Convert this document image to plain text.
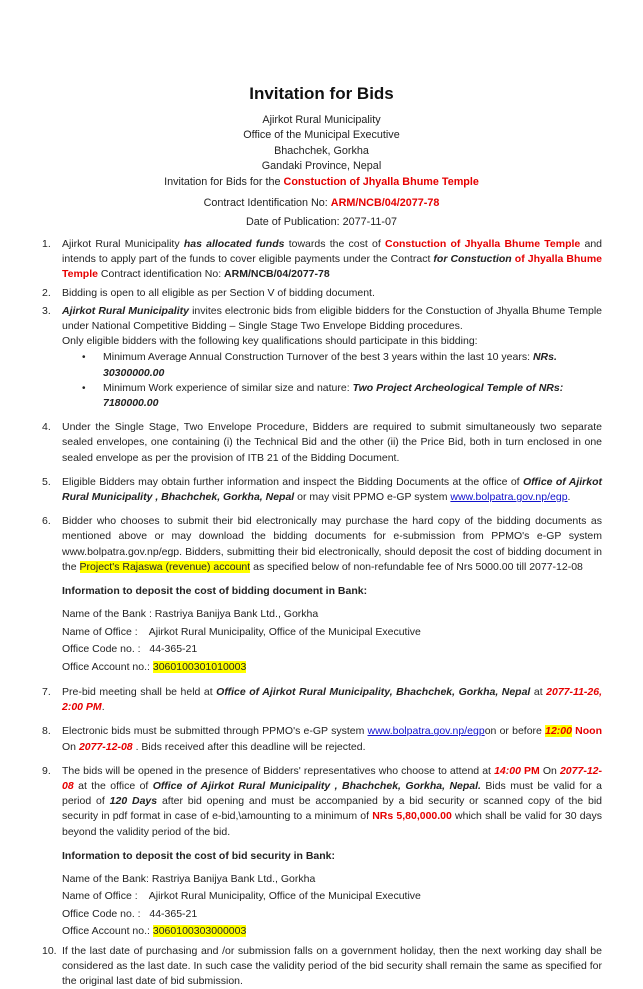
Invitation for Bids
Ajirkot Rural Municipality
Office of the Municipal Executive
Bhachchek, Gorkha
Gandaki Province, Nepal
Invitation for Bids for the Constuction of Jhyalla Bhume Temple
Contract Identification No: ARM/NCB/04/2077-78
Date of Publication: 2077-11-07
1.	Ajirkot Rural Municipality has allocated funds towards the cost of Constuction of Jhyalla Bhume Temple and intends to apply part of the funds to cover eligible payments under the Contract for Constuction of Jhyalla Bhume Temple Contract identification No: ARM/NCB/04/2077-78
2.	Bidding is open to all eligible as per Section V of bidding document.
3.	Ajirkot Rural Municipality invites electronic bids from eligible bidders for the Constuction of Jhyalla Bhume Temple under National Competitive Bidding – Single Stage Two Envelope Bidding procedures.
Only eligible bidders with the following key qualifications should participate in this bidding:
•	Minimum Average Annual Construction Turnover of the best 3 years within the last 10 years: NRs. 30300000.00
•	Minimum Work experience of similar size and nature: Two Project Archeological Temple of NRs: 7180000.00
4.	Under the Single Stage, Two Envelope Procedure, Bidders are required to submit simultaneously two separate sealed envelopes, one containing (i) the Technical Bid and the other (ii) the Price Bid, both in turn enclosed in one sealed envelope as per the provision of ITB 21 of the Bidding Document.
5.	Eligible Bidders may obtain further information and inspect the Bidding Documents at the office of Office of Ajirkot Rural Municipality , Bhachchek, Gorkha, Nepal or may visit PPMO e-GP system www.bolpatra.gov.np/egp.
6.	Bidder who chooses to submit their bid electronically may purchase the hard copy of the bidding documents as mentioned above or may download the bidding documents for e-submission from PPMO's e-GP system www.bolpatra.gov.np/egp. Bidders, submitting their bid electronically, should deposit the cost of bidding document in the Project's Rajaswa (revenue) account as specified below of non-refundable fee of Nrs 5000.00 till 2077-12-08
Information to deposit the cost of bidding document in Bank:
Name of the Bank : Rastriya Banijya Bank Ltd., Gorkha
Name of Office :    Ajirkot Rural Municipality, Office of the Municipal Executive
Office Code no. :   44-365-21
Office Account no.: 3060100301010003
7.	Pre-bid meeting shall be held at Office of Ajirkot Rural Municipality, Bhachchek, Gorkha, Nepal at 2077-11-26, 2:00 PM.
8.	Electronic bids must be submitted through PPMO's e-GP system www.bolpatra.gov.np/egpon or before 12:00 Noon On 2077-12-08 . Bids received after this deadline will be rejected.
9.	The bids will be opened in the presence of Bidders' representatives who choose to attend at 14:00 PM On 2077-12-08 at the office of Office of Ajirkot Rural Municipality , Bhachchek, Gorkha, Nepal. Bids must be valid for a period of 120 Days after bid opening and must be accompanied by a bid security or scanned copy of the bid security in pdf format in case of e-bid,\amounting to a minimum of NRs 5,80,000.00 which shall be valid for 30 days beyond the validity period of the bid.
Information to deposit the cost of bid security in Bank:
Name of the Bank: Rastriya Banijya Bank Ltd., Gorkha
Name of Office :    Ajirkot Rural Municipality, Office of the Municipal Executive
Office Code no. :   44-365-21
Office Account no.: 3060100303000003
10. If the last date of purchasing and /or submission falls on a government holiday, then the next working day shall be considered as the last date. In such case the validity period of the bid security shall remain the same as specified for the original last date of bid submission.
